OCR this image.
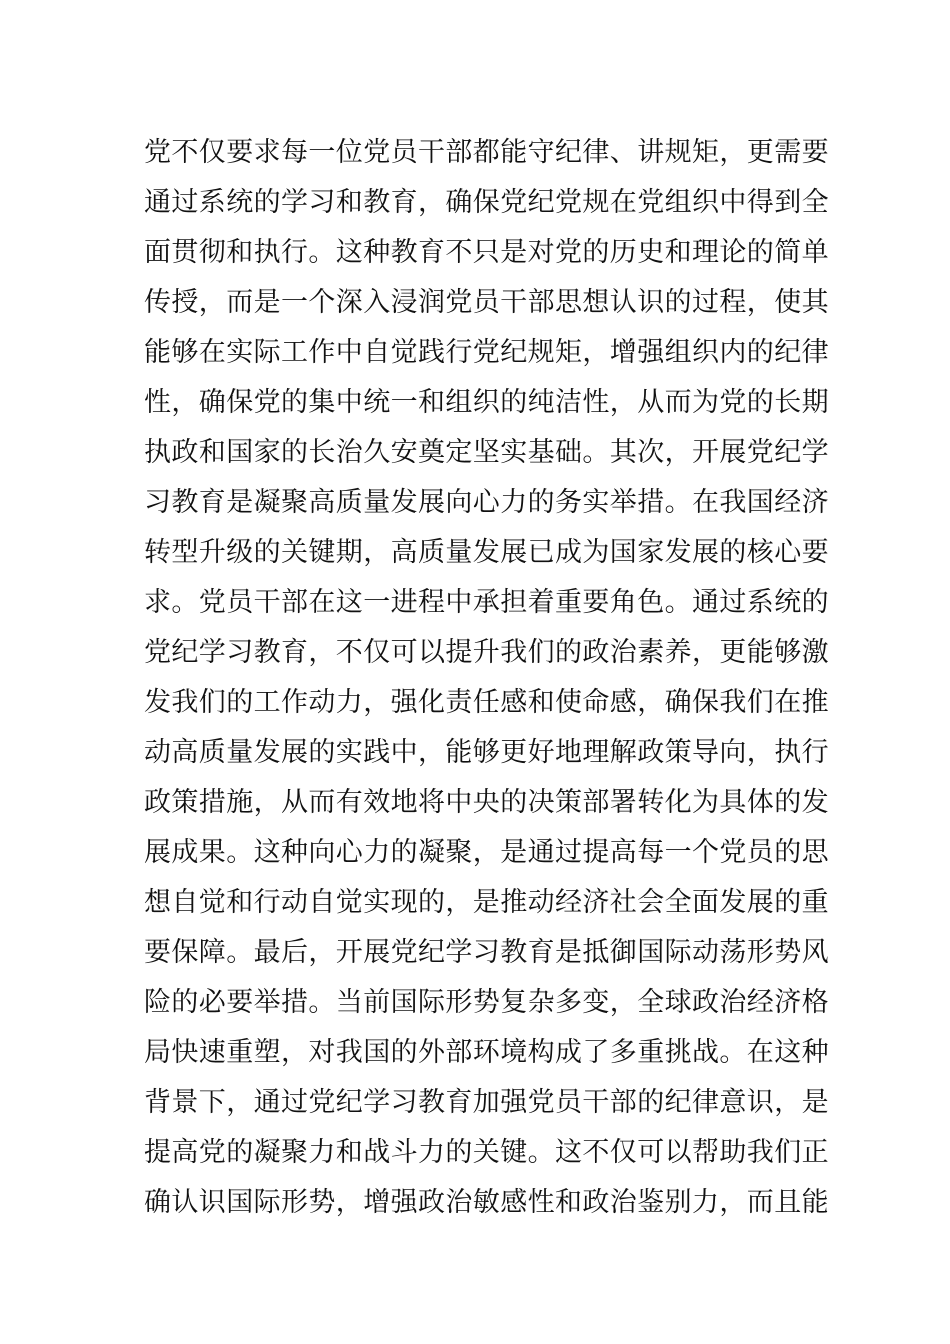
党不仅要求每一位党员干部都能守纪律、讲规矩，更需要
通过系统的学习和教育，确保党纪党规在党组织中得到全
面贯彻和执行。这种教育不只是对党的历史和理论的简单
传授，而是一个深入浸润党员干部思想认识的过程，使其
能够在实际工作中自觉践行党纪规矩，增强组织内的纪律
性，确保党的集中统一和组织的纯洁性，从而为党的长期
执政和国家的长治久安奠定坚实基础。其次，开展党纪学
习教育是凝聚高质量发展向心力的务实举措。在我国经济
转型升级的关键期，高质量发展已成为国家发展的核心要
求。党员干部在这一进程中承担着重要角色。通过系统的
党纪学习教育，不仅可以提升我们的政治素养，更能够激
发我们的工作动力，强化责任感和使命感，确保我们在推
动高质量发展的实践中，能够更好地理解政策导向，执行
政策措施，从而有效地将中央的决策部署转化为具体的发
展成果。这种向心力的凝聚，是通过提高每一个党员的思
想自觉和行动自觉实现的，是推动经济社会全面发展的重
要保障。最后，开展党纪学习教育是抵御国际动荡形势风
险的必要举措。当前国际形势复杂多变，全球政治经济格
局快速重塑，对我国的外部环境构成了多重挑战。在这种
背景下，通过党纪学习教育加强党员干部的纪律意识，是
提高党的凝聚力和战斗力的关键。这不仅可以帮助我们正
确认识国际形势，增强政治敏感性和政治鉴别力，而且能
